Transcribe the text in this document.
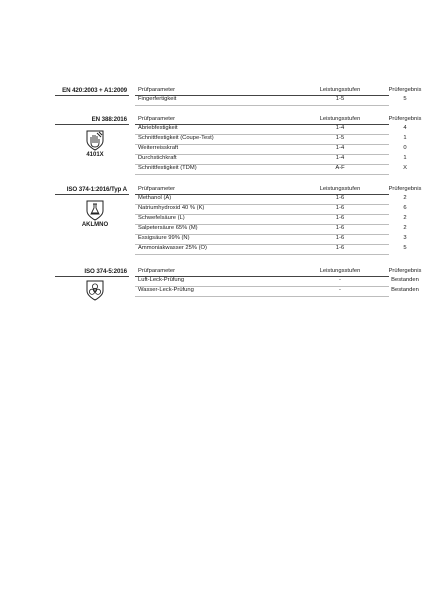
EN 420:2003 + A1:2009 Prüfparameter	Leistungsstufen	Prüfergebnis
Fingerfertigkeit	1-5	5
EN 388:2016
4101X
Prüfparameter	Leistungsstufen	Prüfergebnis
Abriebfestigkeit	1-4	4
Schnittfestigkeit (Coupe-Test)	1-5	1
Weiterreisskraft	1-4	0
Durchstichkraft	1-4	1
Schnittfestigkeit (TDM)	A-F	X
ISO 374-1:2016/Typ A
AKLMNO
Prüfparameter	Leistungsstufen	Prüfergebnis
Methanol (A)	1-6	2
Natriumhydroxid 40 % (K)	1-6	6
Schwefelsäure (L)	1-6	2
Salpetersäure 65% (M)	1-6	2
Essigsäure 99% (N)	1-6	3
Ammoniakwasser 25% (O)	1-6	5
ISO 374-5:2016 Prüfparameter	Leistungsstufen	Prüfergebnis
Luft-Leck-Prüfung	-	Bestanden
Wasser-Leck-Prüfung	-	Bestanden
